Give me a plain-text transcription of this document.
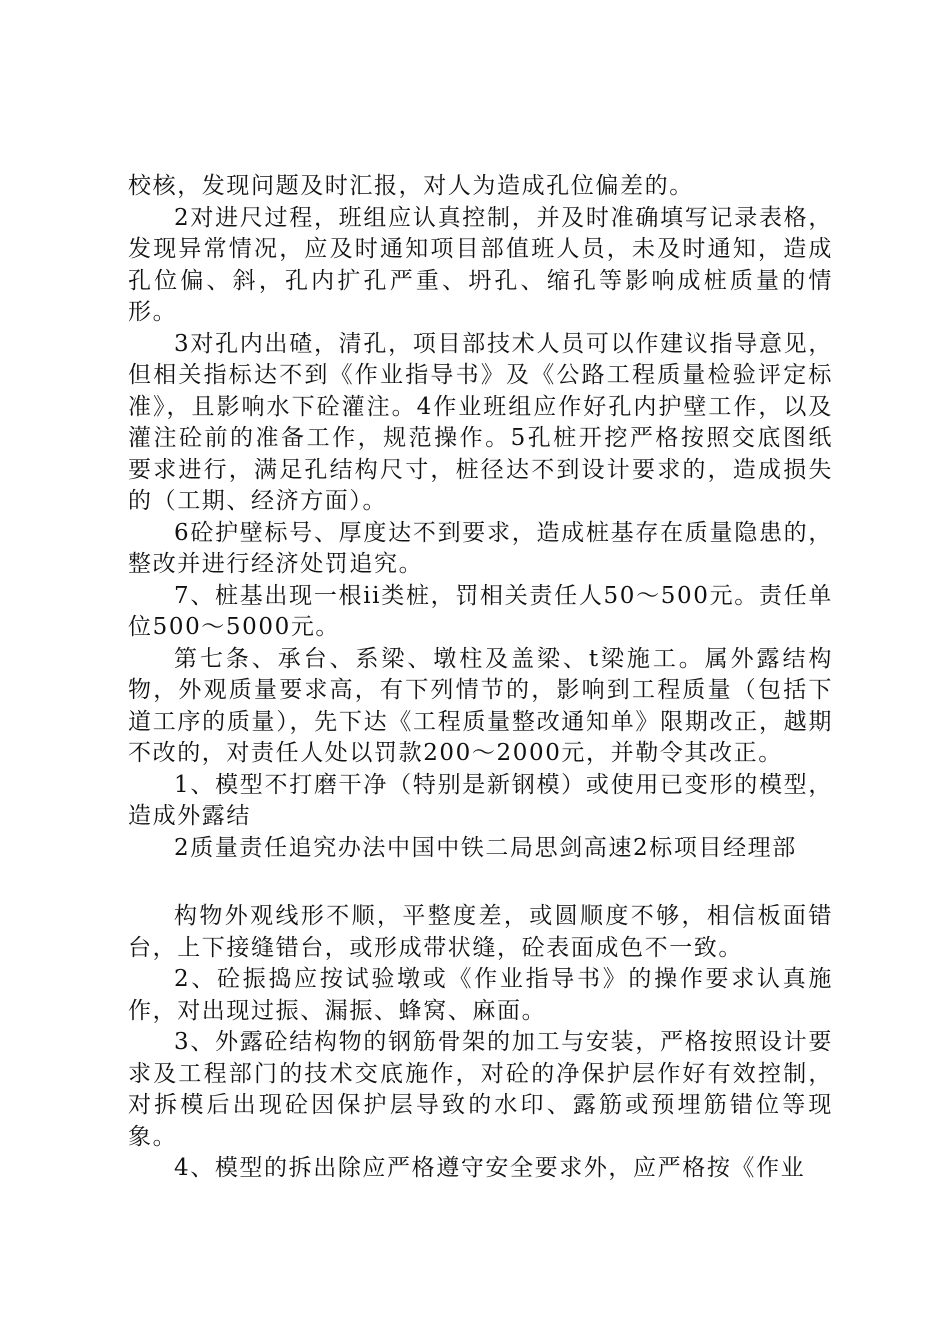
校核，发现问题及时汇报，对人为造成孔位偏差的。

2对进尺过程，班组应认真控制，并及时准确填写记录表格，发现异常情况，应及时通知项目部值班人员，未及时通知，造成孔位偏、斜，孔内扩孔严重、坍孔、缩孔等影响成桩质量的情形。

3对孔内出碴，清孔，项目部技术人员可以作建议指导意见，但相关指标达不到《作业指导书》及《公路工程质量检验评定标准》，且影响水下砼灌注。4作业班组应作好孔内护壁工作，以及灌注砼前的准备工作，规范操作。5孔桩开挖严格按照交底图纸要求进行，满足孔结构尺寸，桩径达不到设计要求的，造成损失的（工期、经济方面）。

6砼护壁标号、厚度达不到要求，造成桩基存在质量隐患的，整改并进行经济处罚追究。

7、桩基出现一根ii类桩，罚相关责任人50～500元。责任单位500～5000元。

第七条、承台、系梁、墩柱及盖梁、t梁施工。属外露结构物，外观质量要求高，有下列情节的，影响到工程质量（包括下道工序的质量），先下达《工程质量整改通知单》限期改正，越期不改的，对责任人处以罚款200～2000元，并勒令其改正。

1、模型不打磨干净（特别是新钢模）或使用已变形的模型，造成外露结

2质量责任追究办法中国中铁二局思剑高速2标项目经理部

构物外观线形不顺，平整度差，或圆顺度不够，相信板面错台，上下接缝错台，或形成带状缝，砼表面成色不一致。

2、砼振捣应按试验墩或《作业指导书》的操作要求认真施作，对出现过振、漏振、蜂窝、麻面。

3、外露砼结构物的钢筋骨架的加工与安装，严格按照设计要求及工程部门的技术交底施作，对砼的净保护层作好有效控制，对拆模后出现砼因保护层导致的水印、露筋或预埋筋错位等现象。

4、模型的拆出除应严格遵守安全要求外，应严格按《作业
